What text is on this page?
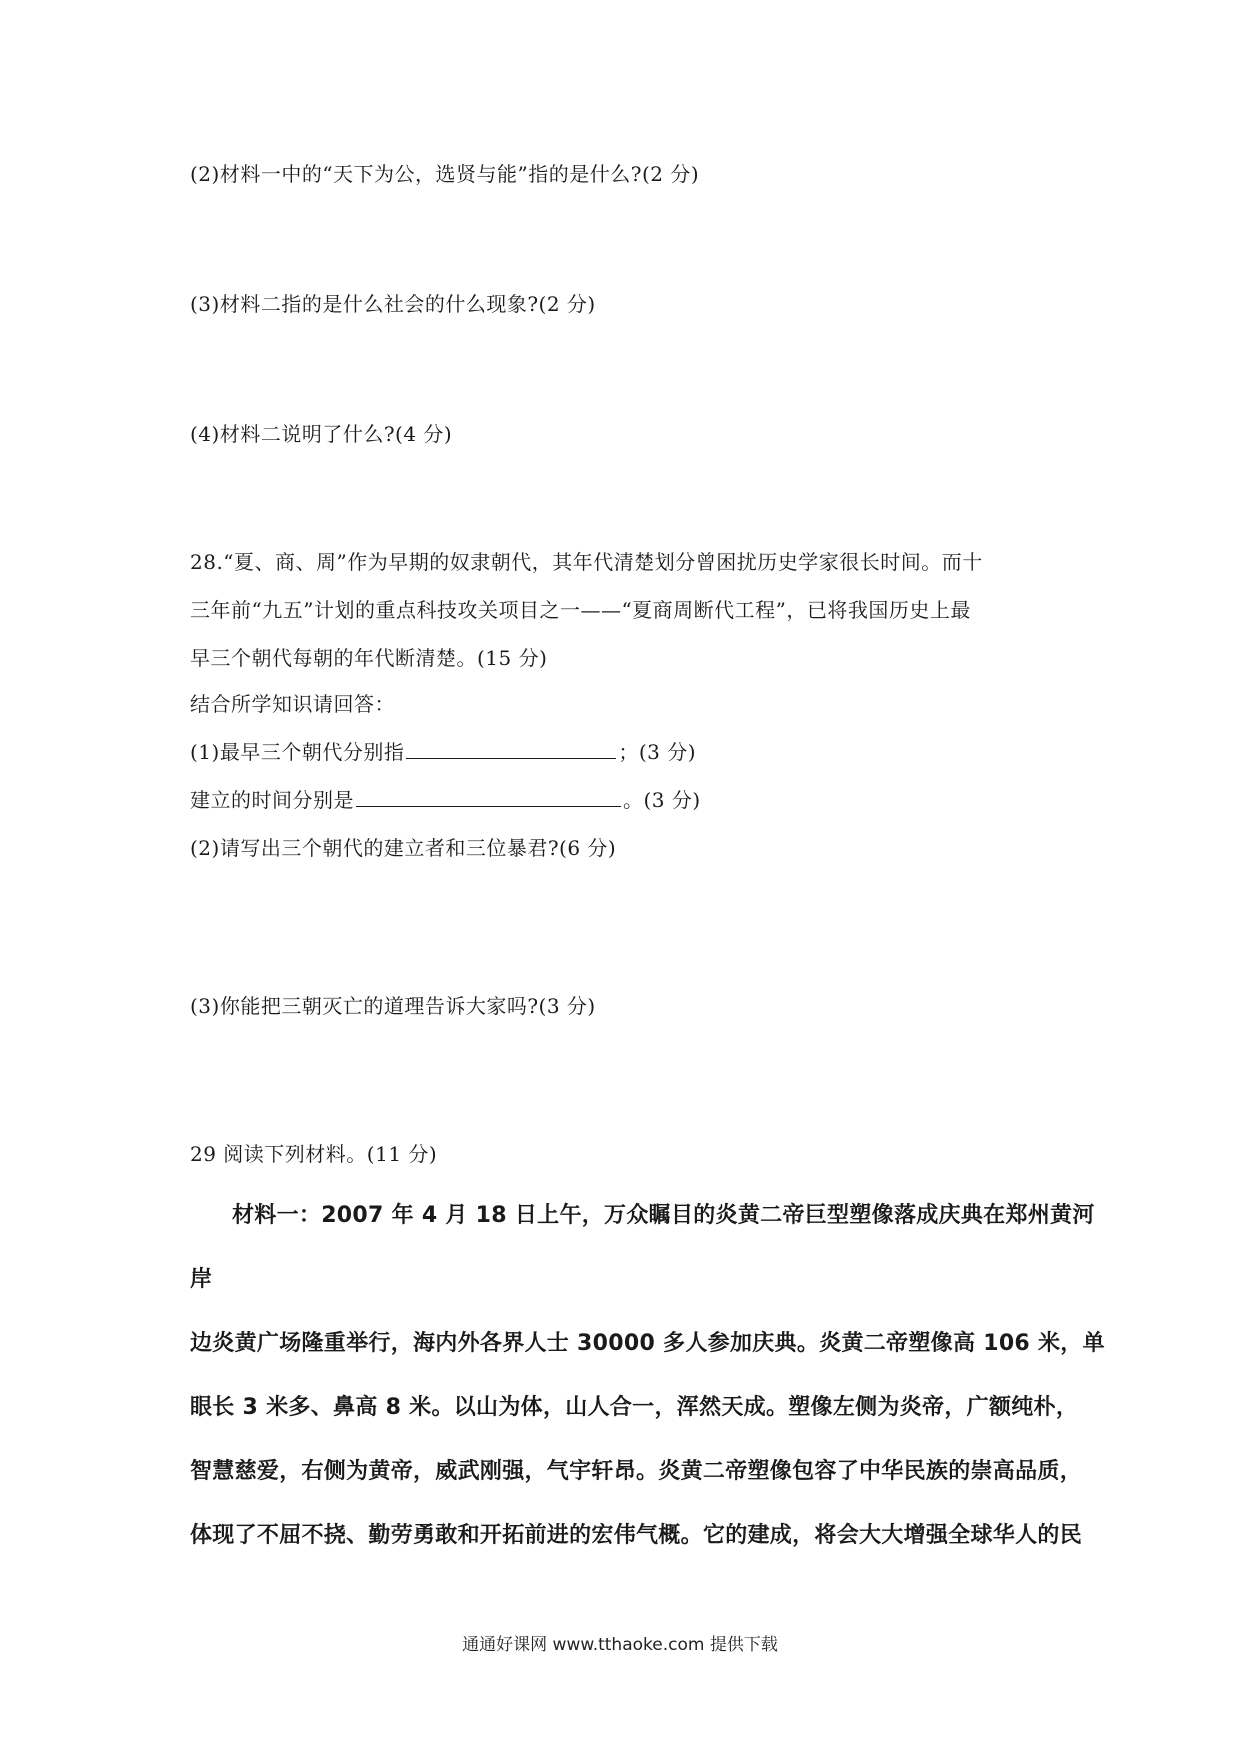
(2)材料一中的“天下为公，选贤与能”指的是什么?(2 分)
(3)材料二指的是什么社会的什么现象?(2 分)
(4)材料二说明了什么?(4 分)
28.“夏、商、周”作为早期的奴隶朝代，其年代清楚划分曾困扰历史学家很长时间。而十
三年前“九五”计划的重点科技攻关项目之一——“夏商周断代工程”，已将我国历史上最
早三个朝代每朝的年代断清楚。(15 分)
结合所学知识请回答：
(1)最早三个朝代分别指	；(3 分)
建立的时间分别是	。(3 分)
(2)请写出三个朝代的建立者和三位暴君?(6 分)
(3)你能把三朝灭亡的道理告诉大家吗?(3 分)
29 阅读下列材料。(11 分)
材料一：2007 年 4 月 18 日上午，万众瞩目的炎黄二帝巨型塑像落成庆典在郑州黄河
岸
边炎黄广场隆重举行，海内外各界人士 30000 多人参加庆典。炎黄二帝塑像高 106 米，单
眼长 3 米多、鼻高 8 米。以山为体，山人合一，浑然天成。塑像左侧为炎帝，广额纯朴，
智慧慈爱，右侧为黄帝，威武刚强，气宇轩昂。炎黄二帝塑像包容了中华民族的崇高品质，
体现了不屈不挠、勤劳勇敢和开拓前进的宏伟气概。它的建成，将会大大增强全球华人的民
通通好课网 www.tthaoke.com 提供下载
